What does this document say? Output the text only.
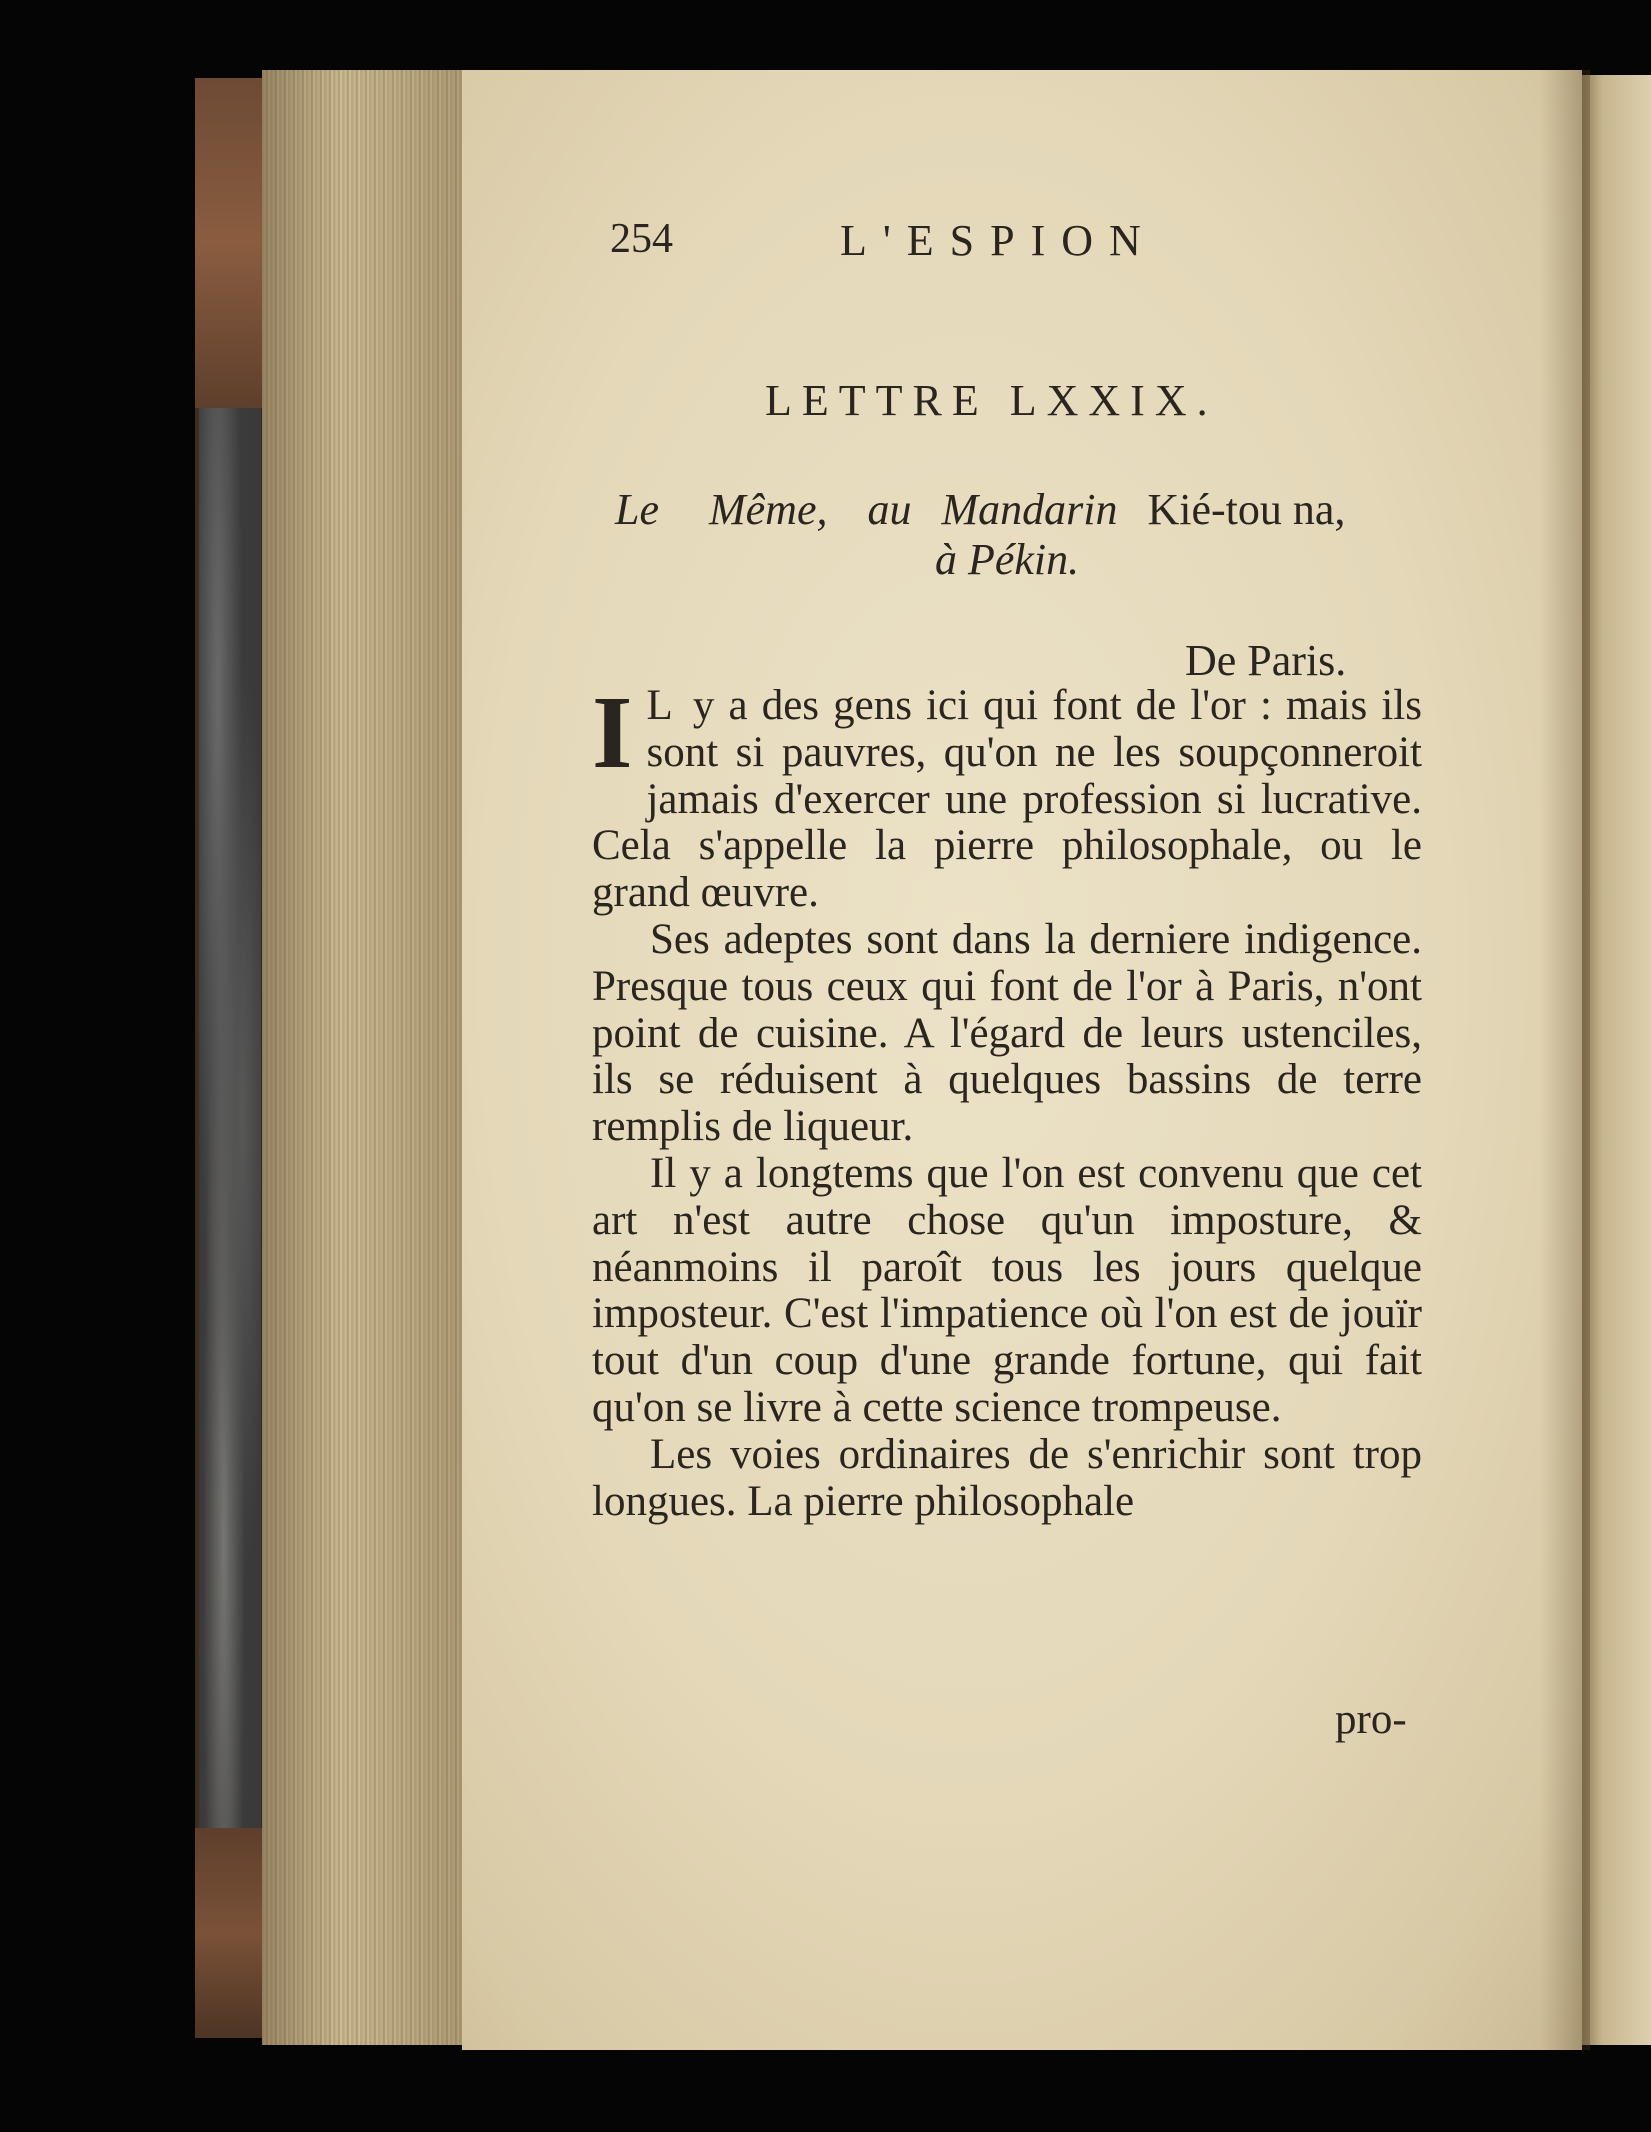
254	L'ESPION
LETTRE LXXIX.
Le Même, au Mandarin Kié-tou na,
à Pékin.
De Paris.

I L y a des gens ici qui font de l'or : mais ils sont si pauvres, qu'on ne les soupçonneroit jamais d'exercer une profession si lucrative. Cela s'appelle la pierre philosophale, ou le grand œuvre.

Ses adeptes sont dans la derniere indigence. Presque tous ceux qui font de l'or à Paris, n'ont point de cuisine. A l'égard de leurs ustenciles, ils se réduisent à quelques bassins de terre remplis de liqueur.

Il y a longtems que l'on est convenu que cet art n'est autre chose qu'un imposture, & néanmoins il paroît tous les jours quelque imposteur. C'est l'impatience où l'on est de jouïr tout d'un coup d'une grande fortune, qui fait qu'on se livre à cette science trompeuse.

Les voies ordinaires de s'enrichir sont trop longues. La pierre philosophale

pro-
